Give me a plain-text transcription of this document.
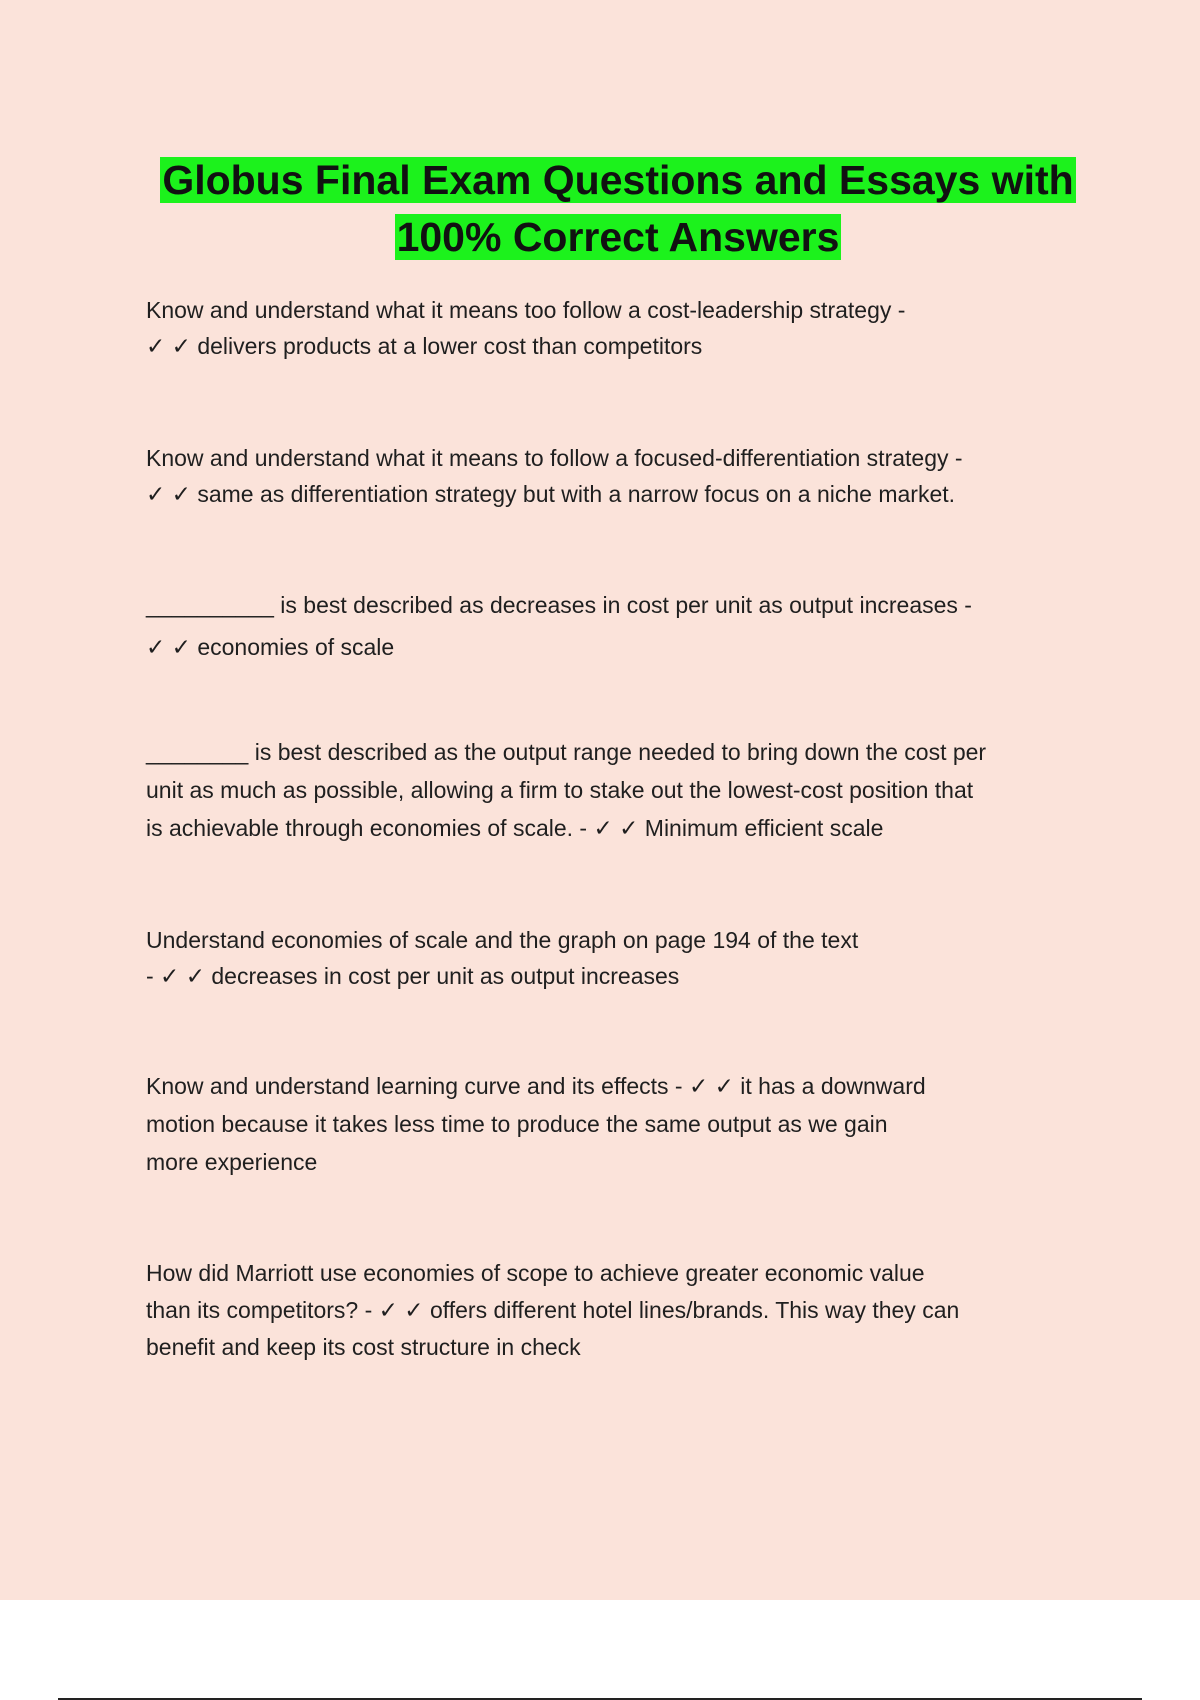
Globus Final Exam Questions and Essays with
100% Correct Answers

Know and understand what it means too follow a cost-leadership strategy -
✓ ✓ delivers products at a lower cost than competitors

Know and understand what it means to follow a focused-differentiation strategy -
✓ ✓ same as differentiation strategy but with a narrow focus on a niche market.

__________ is best described as decreases in cost per unit as output increases -
✓ ✓ economies of scale

________ is best described as the output range needed to bring down the cost per
unit as much as possible, allowing a firm to stake out the lowest-cost position that
is achievable through economies of scale. - ✓ ✓ Minimum efficient scale

Understand economies of scale and the graph on page 194 of the text
- ✓ ✓ decreases in cost per unit as output increases

Know and understand learning curve and its effects - ✓ ✓ it has a downward
motion because it takes less time to produce the same output as we gain
more experience

How did Marriott use economies of scope to achieve greater economic value
than its competitors? - ✓ ✓ offers different hotel lines/brands. This way they can
benefit and keep its cost structure in check
